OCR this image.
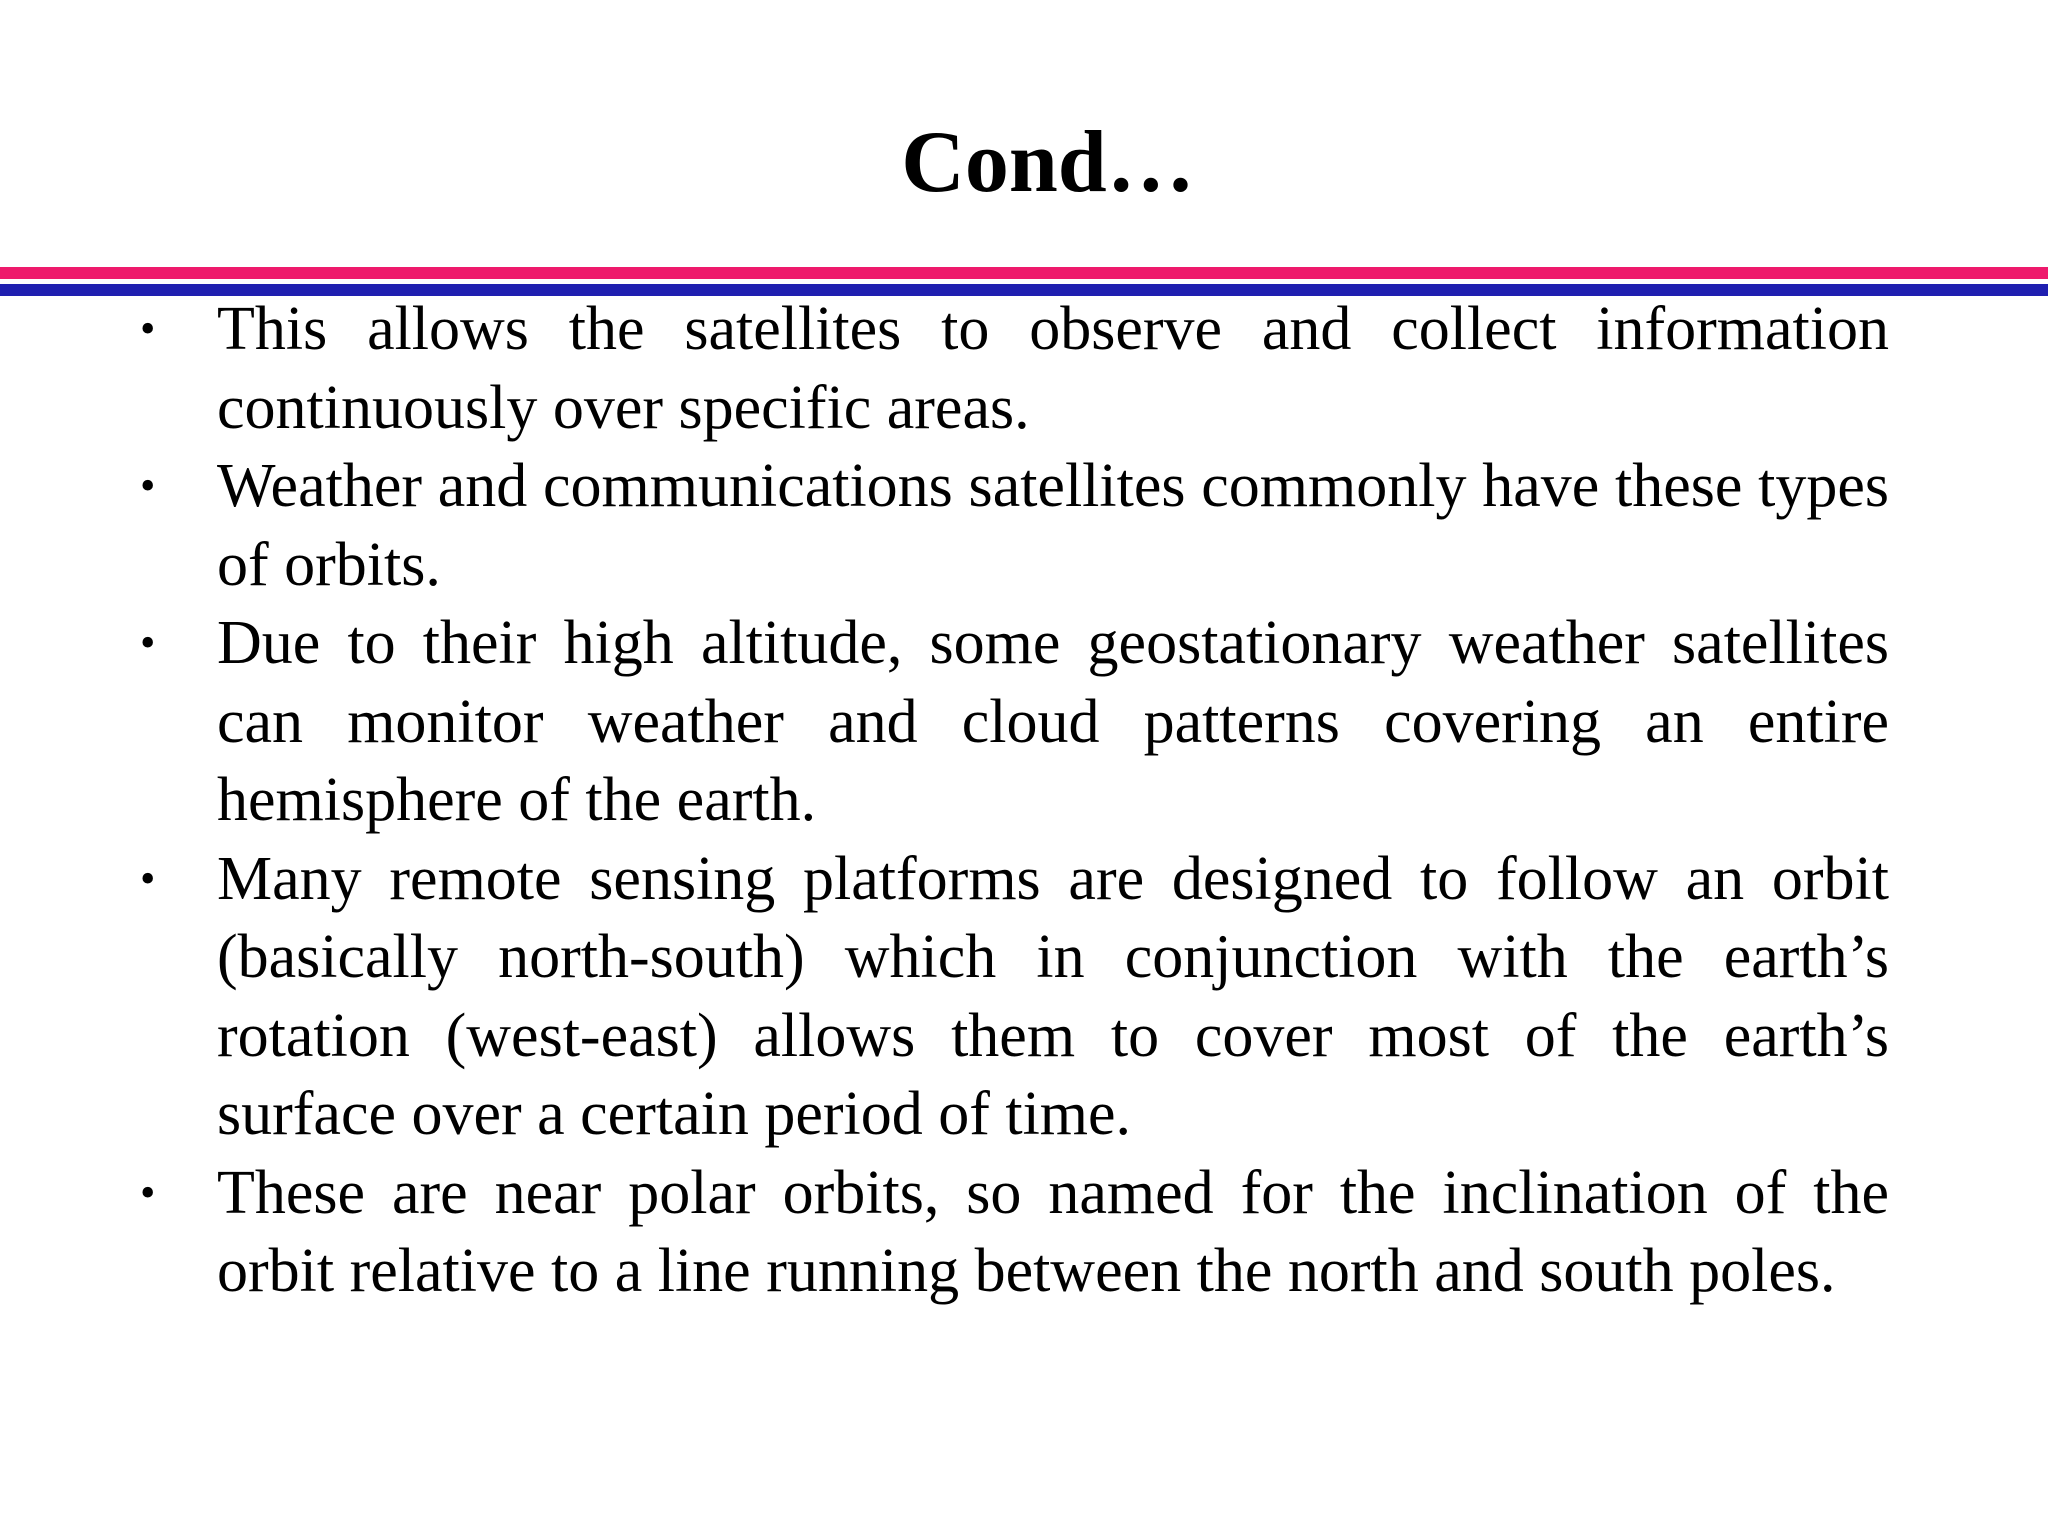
Cond…
• This allows the satellites to observe and collect information continuously over specific areas.
• Weather and communications satellites commonly have these types of orbits.
• Due to their high altitude, some geostationary weather satellites can monitor weather and cloud patterns covering an entire hemisphere of the earth.
• Many remote sensing platforms are designed to follow an orbit (basically north-south) which in conjunction with the earth’s rotation (west-east) allows them to cover most of the earth’s surface over a certain period of time.
• These are near polar orbits, so named for the inclination of the orbit relative to a line running between the north and south poles.
